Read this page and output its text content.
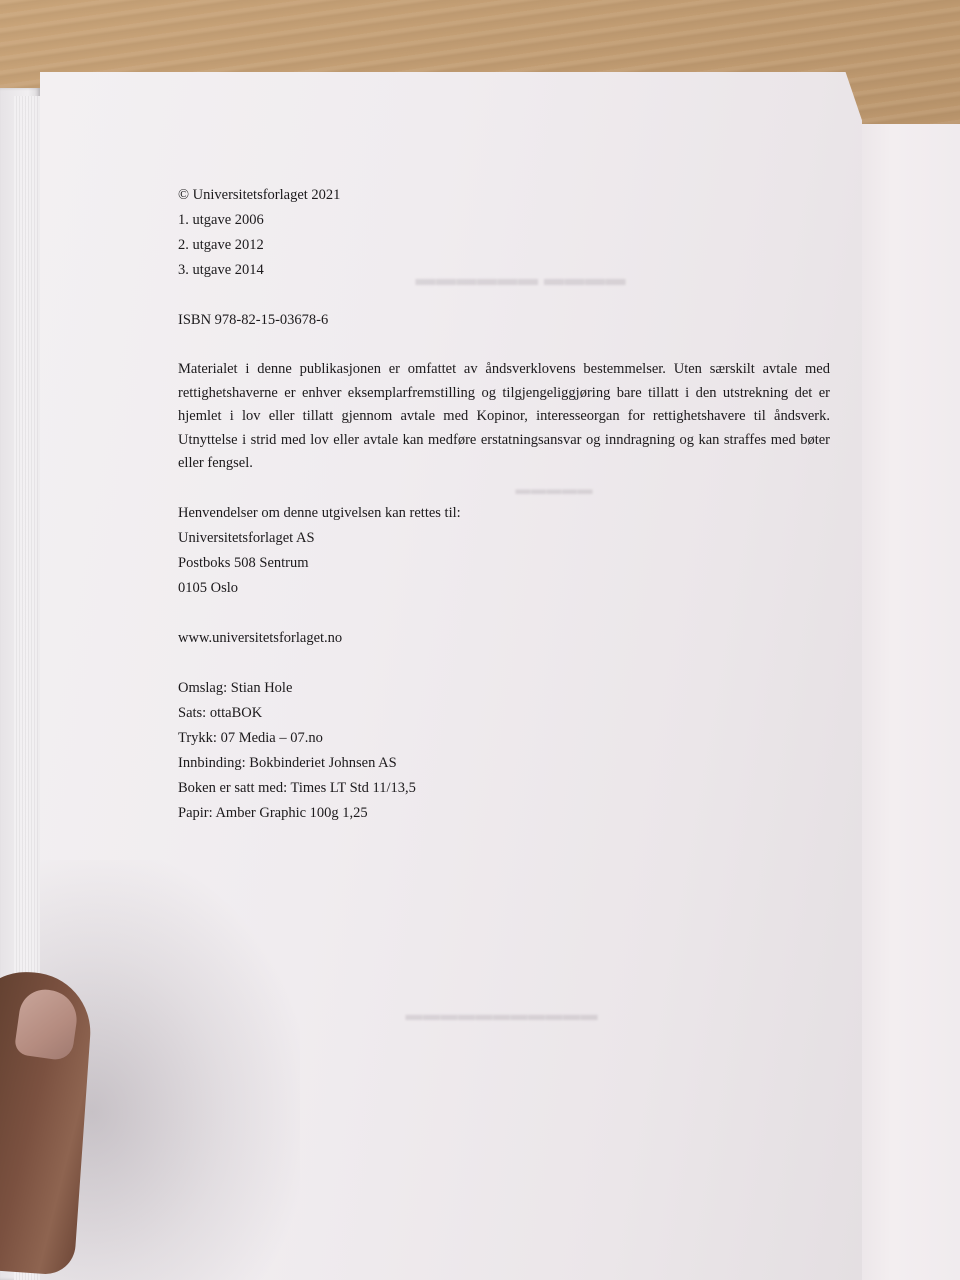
▬▬▬▬ ▬▬▬▬▬▬
▬▬▬▬▬
▬▬▬▬▬▬▬▬▬▬▬

© Universitetsforlaget 2021

1. utgave 2006

2. utgave 2012

3. utgave 2014

ISBN 978-82-15-03678-6

Materialet i denne publikasjonen er omfattet av åndsverklovens bestemmelser. Uten særskilt avtale med rettighetshaverne er enhver eksemplarfremstilling og tilgjengeliggjøring bare tillatt i den utstrekning det er hjemlet i lov eller tillatt gjennom avtale med Kopinor, interesseorgan for rettighetshavere til åndsverk. Utnyttelse i strid med lov eller avtale kan medføre erstatningsansvar og inndragning og kan straffes med bøter eller fengsel.

Henvendelser om denne utgivelsen kan rettes til:

Universitetsforlaget AS

Postboks 508 Sentrum

0105 Oslo

www.universitetsforlaget.no

Omslag: Stian Hole

Sats: ottaBOK

Trykk: 07 Media – 07.no

Innbinding: Bokbinderiet Johnsen AS

Boken er satt med: Times LT Std 11/13,5

Papir: Amber Graphic 100g 1,25
